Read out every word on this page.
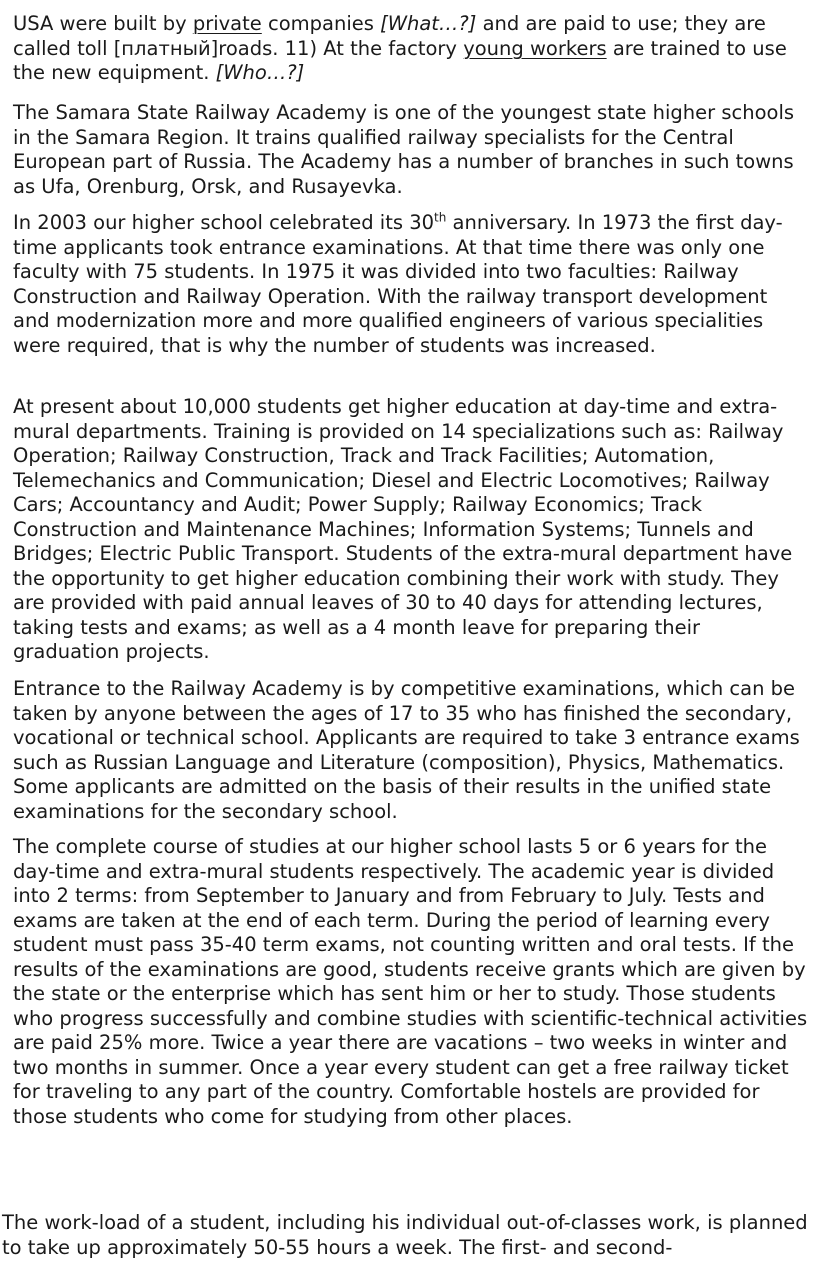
USA were built by private companies [What…?] and are paid to use; they are called toll [платный]roads. 11) At the factory young workers are trained to use the new equipment. [Who…?]

The Samara State Railway Academy is one of the youngest state higher schools in the Samara Region. It trains qualified railway specialists for the Central European part of Russia. The Academy has a number of branches in such towns as Ufa, Orenburg, Orsk, and Rusayevka.

In 2003 our higher school celebrated its 30th anniversary. In 1973 the first day-time applicants took entrance examinations. At that time there was only one faculty with 75 students. In 1975 it was divided into two faculties: Railway Construction and Railway Operation. With the railway transport development and modernization more and more qualified engineers of various specialities were required, that is why the number of students was increased.

At present about 10,000 students get higher education at day-time and extra-mural departments. Training is provided on 14 specializations such as: Railway Operation; Railway Construction, Track and Track Facilities; Automation, Telemechanics and Communication; Diesel and Electric Locomotives; Railway Cars; Accountancy and Audit; Power Supply; Railway Economics; Track Construction and Maintenance Machines; Information Systems; Tunnels and Bridges; Electric Public Transport. Students of the extra-mural department have the opportunity to get higher education combining their work with study. They are provided with paid annual leaves of 30 to 40 days for attending lectures, taking tests and exams; as well as a 4 month leave for preparing their graduation projects.

Entrance to the Railway Academy is by competitive examinations, which can be taken by anyone between the ages of 17 to 35 who has finished the secondary, vocational or technical school. Applicants are required to take 3 entrance exams such as Russian Language and Literature (composition), Physics, Mathematics. Some applicants are admitted on the basis of their results in the unified state examinations for the secondary school.

The complete course of studies at our higher school lasts 5 or 6 years for the day-time and extra-mural students respectively. The academic year is divided into 2 terms: from September to January and from February to July. Tests and exams are taken at the end of each term. During the period of learning every student must pass 35-40 term exams, not counting written and oral tests. If the results of the examinations are good, students receive grants which are given by the state or the enterprise which has sent him or her to study. Those students who progress successfully and combine studies with scientific-technical activities are paid 25% more. Twice a year there are vacations – two weeks in winter and two months in summer. Once a year every student can get a free railway ticket for traveling to any part of the country. Comfortable hostels are provided for those students who come for studying from other places.

The work-load of a student, including his individual out-of-classes work, is planned to take up approximately 50-55 hours a week. The first- and second-
